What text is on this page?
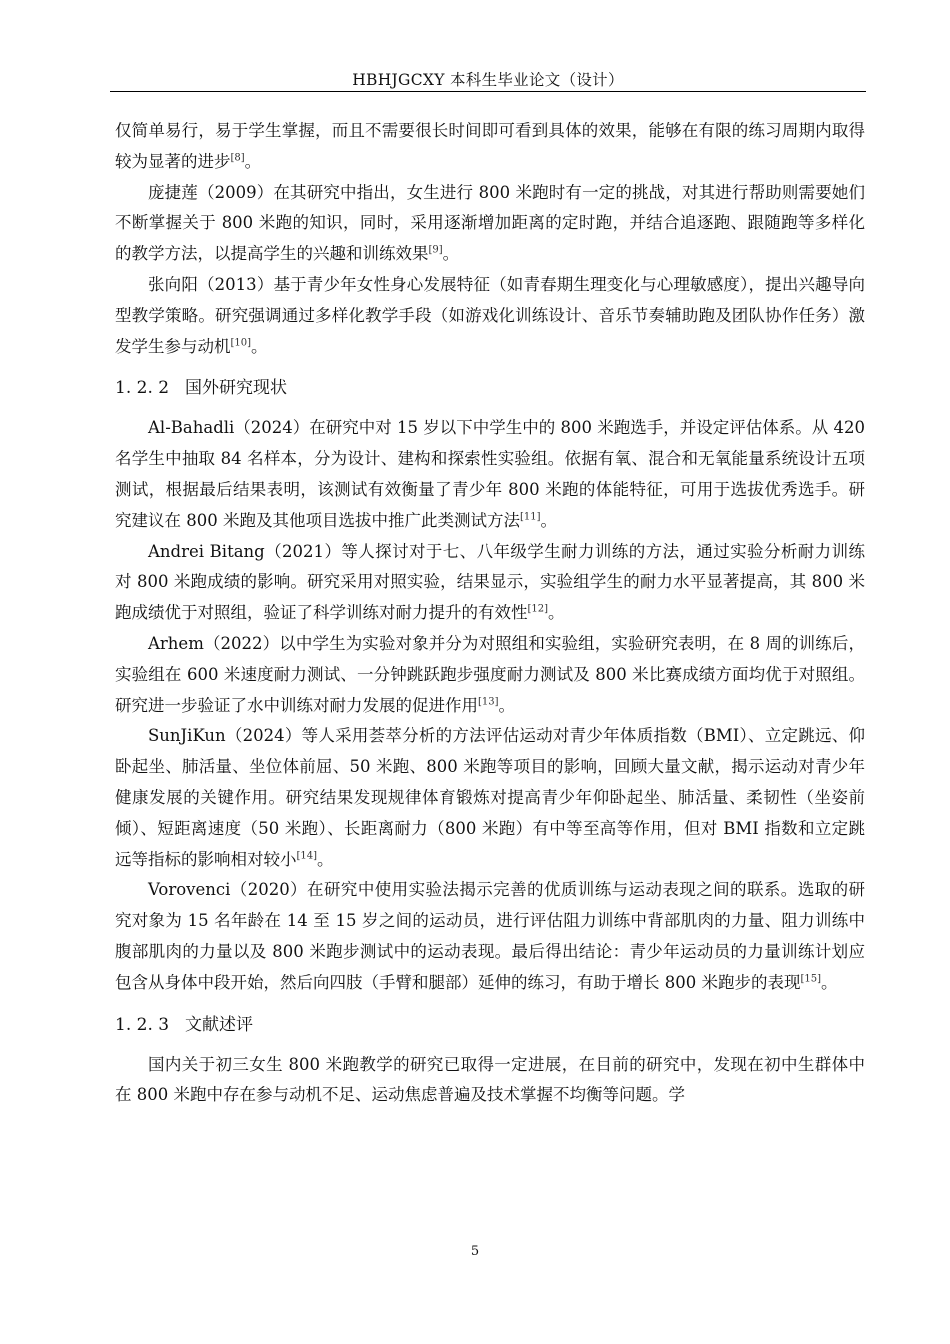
HBHJGCXY 本科生毕业论文（设计）

仅简单易行，易于学生掌握，而且不需要很长时间即可看到具体的效果，能够在有限的练习周期内取得较为显著的进步[8]。

庞捷莲（2009）在其研究中指出，女生进行 800 米跑时有一定的挑战，对其进行帮助则需要她们不断掌握关于 800 米跑的知识，同时，采用逐渐增加距离的定时跑，并结合追逐跑、跟随跑等多样化的教学方法，以提高学生的兴趣和训练效果[9]。

张向阳（2013）基于青少年女性身心发展特征（如青春期生理变化与心理敏感度），提出兴趣导向型教学策略。研究强调通过多样化教学手段（如游戏化训练设计、音乐节奏辅助跑及团队协作任务）激发学生参与动机[10]。

1. 2. 2 国外研究现状

Al-Bahadli（2024）在研究中对 15 岁以下中学生中的 800 米跑选手，并设定评估体系。从 420 名学生中抽取 84 名样本，分为设计、建构和探索性实验组。依据有氧、混合和无氧能量系统设计五项测试，根据最后结果表明，该测试有效衡量了青少年 800 米跑的体能特征，可用于选拔优秀选手。研究建议在 800 米跑及其他项目选拔中推广此类测试方法[11]。

Andrei Bitang（2021）等人探讨对于七、八年级学生耐力训练的方法，通过实验分析耐力训练对 800 米跑成绩的影响。研究采用对照实验，结果显示，实验组学生的耐力水平显著提高，其 800 米跑成绩优于对照组，验证了科学训练对耐力提升的有效性[12]。

Arhem（2022）以中学生为实验对象并分为对照组和实验组，实验研究表明，在 8 周的训练后，实验组在 600 米速度耐力测试、一分钟跳跃跑步强度耐力测试及 800 米比赛成绩方面均优于对照组。研究进一步验证了水中训练对耐力发展的促进作用[13]。

SunJiKun（2024）等人采用荟萃分析的方法评估运动对青少年体质指数（BMI）、立定跳远、仰卧起坐、肺活量、坐位体前屈、50 米跑、800 米跑等项目的影响，回顾大量文献，揭示运动对青少年健康发展的关键作用。研究结果发现规律体育锻炼对提高青少年仰卧起坐、肺活量、柔韧性（坐姿前倾）、短距离速度（50 米跑）、长距离耐力（800 米跑）有中等至高等作用，但对 BMI 指数和立定跳远等指标的影响相对较小[14]。

Vorovenci（2020）在研究中使用实验法揭示完善的优质训练与运动表现之间的联系。选取的研究对象为 15 名年龄在 14 至 15 岁之间的运动员，进行评估阻力训练中背部肌肉的力量、阻力训练中腹部肌肉的力量以及 800 米跑步测试中的运动表现。最后得出结论：青少年运动员的力量训练计划应包含从身体中段开始，然后向四肢（手臂和腿部）延伸的练习，有助于增长 800 米跑步的表现[15]。

1. 2. 3 文献述评

国内关于初三女生 800 米跑教学的研究已取得一定进展，在目前的研究中，发现在初中生群体中在 800 米跑中存在参与动机不足、运动焦虑普遍及技术掌握不均衡等问题。学

5
